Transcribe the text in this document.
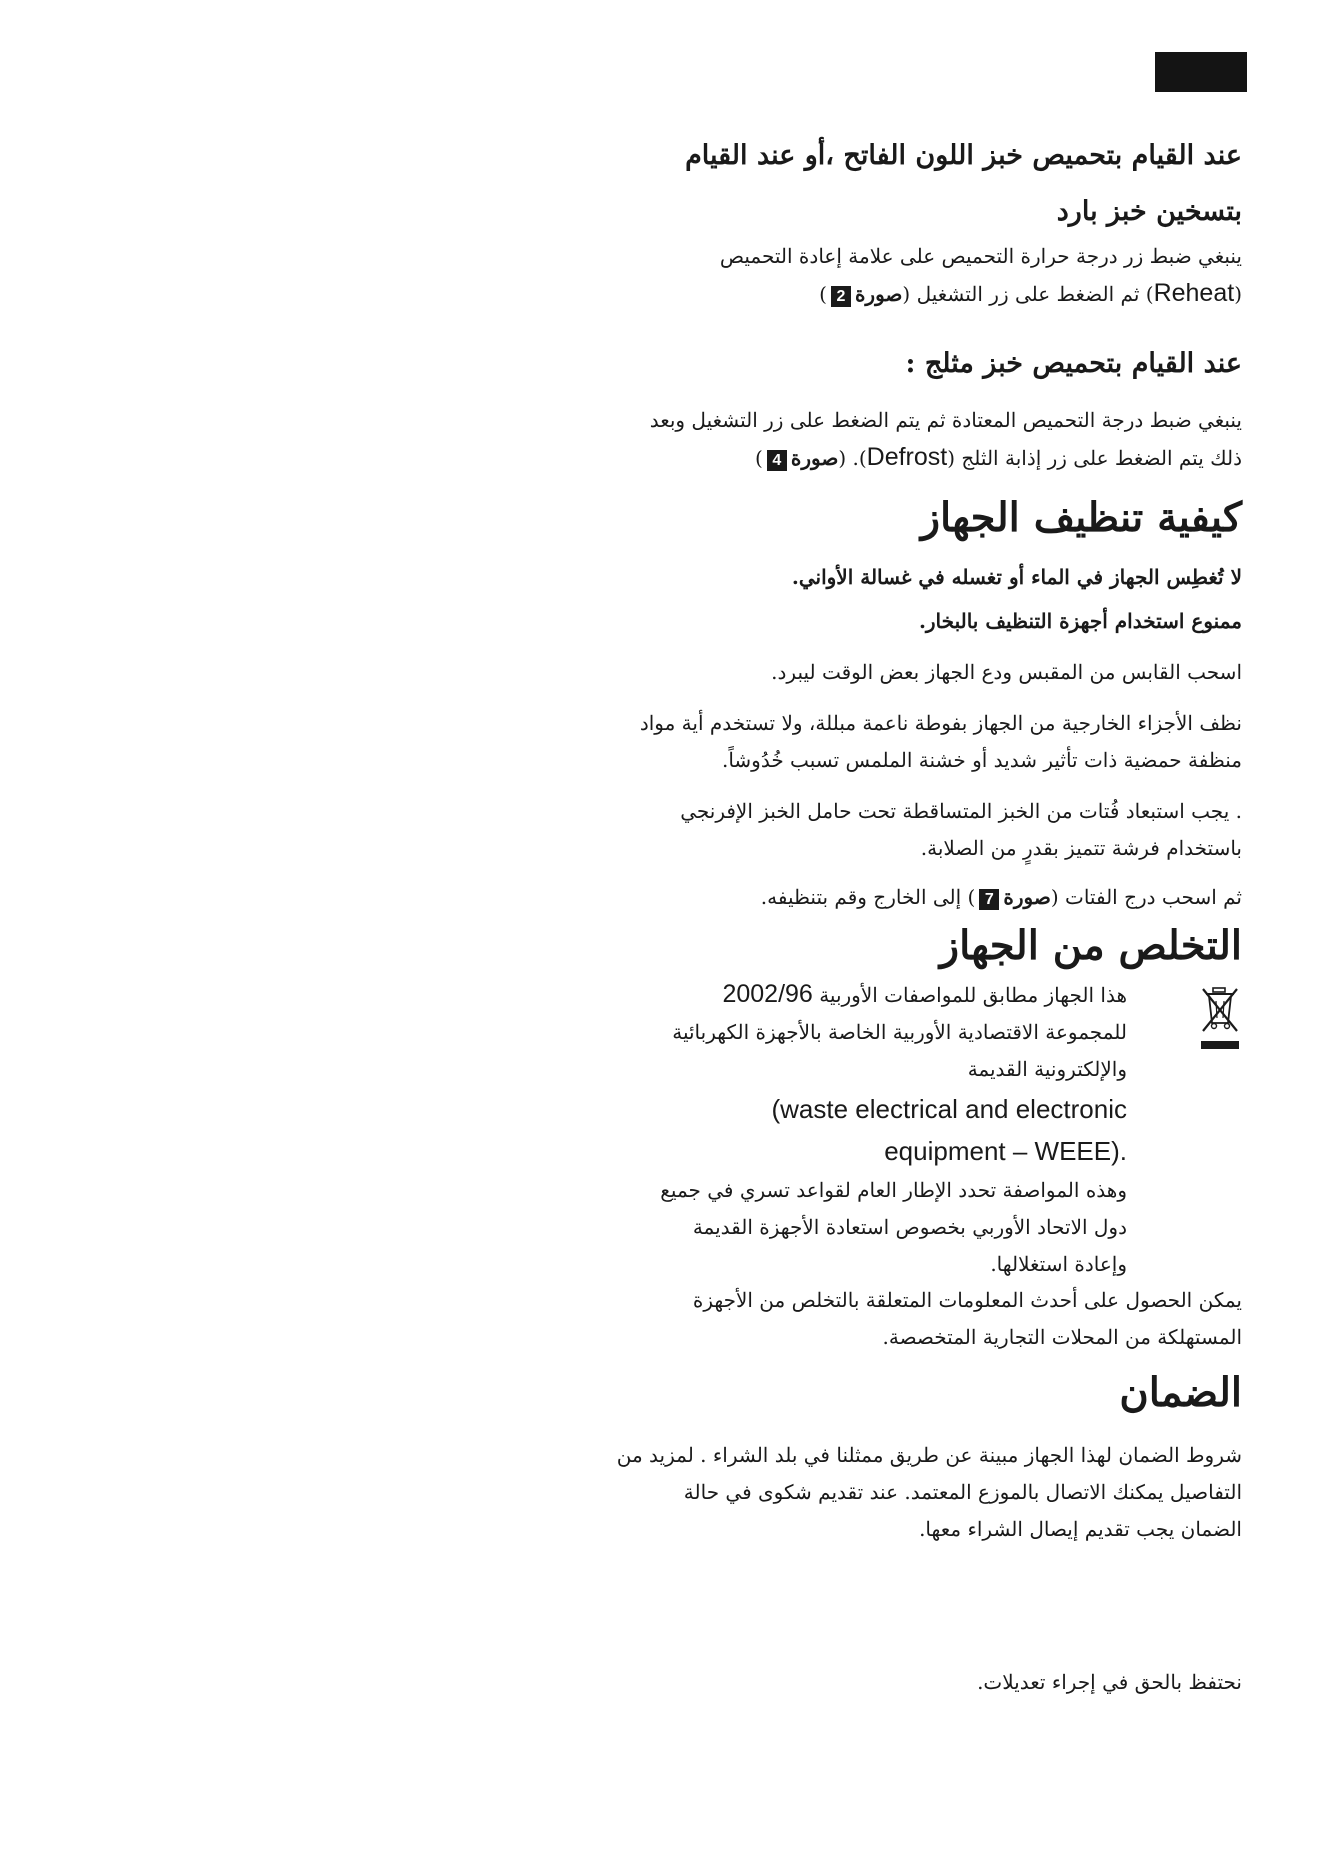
عند القيام بتحميص خبز اللون الفاتح ،أو عند القيام بتسخين خبز بارد

ينبغي ضبط زر درجة حرارة التحميص على علامة إعادة التحميص

(Reheat) ثم الضغط على زر التشغيل (صورة2)

عند القيام بتحميص خبز مثلج :

ينبغي ضبط درجة التحميص المعتادة ثم يتم الضغط على زر التشغيل وبعد

ذلك يتم الضغط على زر إذابة الثلج (Defrost). (صورة4)

كيفية تنظيف الجهاز

لا تُغطِس الجهاز في الماء أو تغسله في غسالة الأواني.

ممنوع استخدام أجهزة التنظيف بالبخار.

اسحب القابس من المقبس ودع الجهاز بعض الوقت ليبرد.

نظف الأجزاء الخارجية من الجهاز بفوطة ناعمة مبللة، ولا تستخدم أية مواد

منظفة حمضية ذات تأثير شديد أو خشنة الملمس تسبب خُدُوشاً.

. يجب استبعاد فُتات من الخبز المتساقطة تحت حامل الخبز الإفرنجي

باستخدام فرشة تتميز بقدرٍ من الصلابة.

ثم اسحب درج الفتات (صورة7) إلى الخارج وقم بتنظيفه.

التخلص من الجهاز

هذا الجهاز مطابق للمواصفات الأوربية 2002/96

للمجموعة الاقتصادية الأوربية الخاصة بالأجهزة الكهربائية

والإلكترونية القديمة

waste electrical and electronic)

.(equipment – WEEE

وهذه المواصفة تحدد الإطار العام لقواعد تسري في جميع

دول الاتحاد الأوربي بخصوص استعادة الأجهزة القديمة

وإعادة استغلالها.

يمكن الحصول على أحدث المعلومات المتعلقة بالتخلص من الأجهزة

المستهلكة من المحلات التجارية المتخصصة.

الضمان

شروط الضمان لهذا الجهاز مبينة عن طريق ممثلنا في بلد الشراء . لمزيد من

التفاصيل يمكنك الاتصال بالموزع المعتمد. عند تقديم شكوى في حالة

الضمان يجب تقديم إيصال الشراء معها.

نحتفظ بالحق في إجراء تعديلات.
